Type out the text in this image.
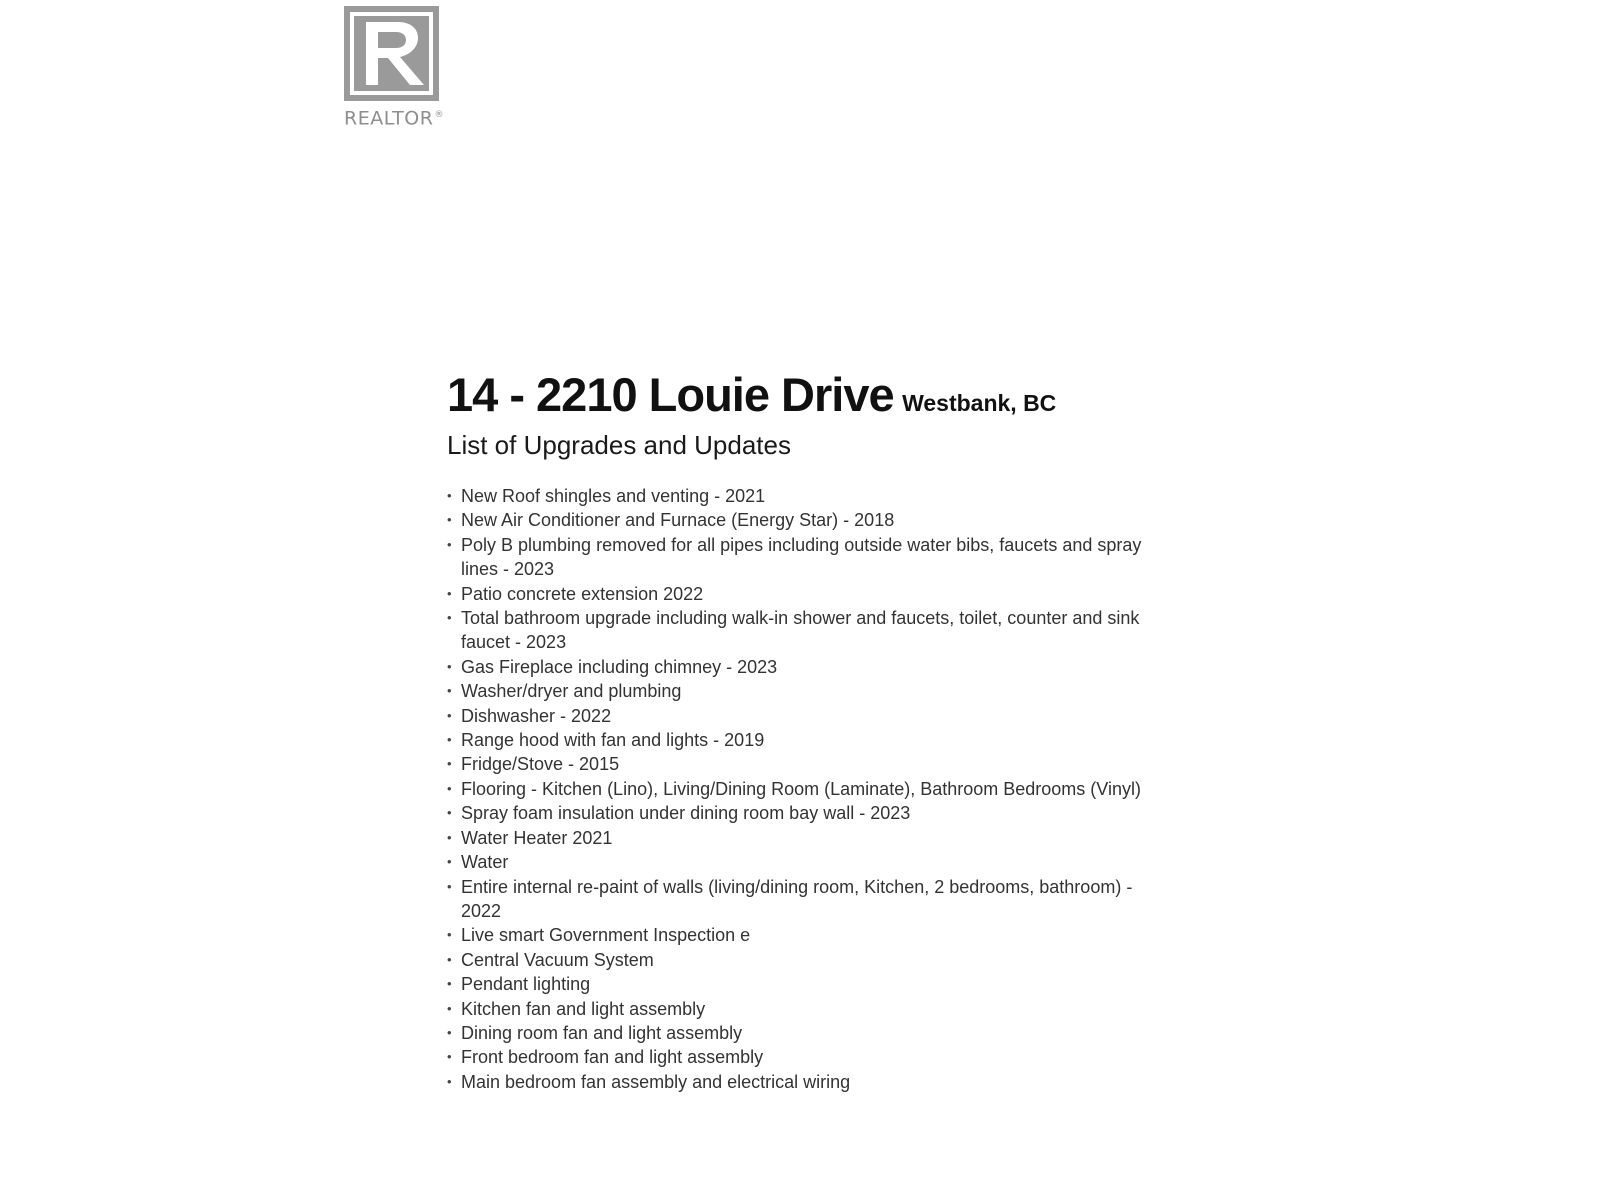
REALTOR®
14 - 2210 Louie Drive Westbank, BC
List of Upgrades and Updates
• New Roof shingles and venting - 2021
• New Air Conditioner and Furnace (Energy Star) - 2018
• Poly B plumbing removed for all pipes including outside water bibs, faucets and spray lines - 2023
• Patio concrete extension 2022
• Total bathroom upgrade including walk-in shower and faucets, toilet, counter and sink faucet - 2023
• Gas Fireplace including chimney - 2023
• Washer/dryer and plumbing
• Dishwasher - 2022
• Range hood with fan and lights - 2019
• Fridge/Stove - 2015
• Flooring - Kitchen (Lino), Living/Dining Room (Laminate), Bathroom Bedrooms (Vinyl)
• Spray foam insulation under dining room bay wall - 2023
• Water Heater 2021
• Water
• Entire internal re-paint of walls (living/dining room, Kitchen, 2 bedrooms, bathroom) - 2022
• Live smart Government Inspection e
• Central Vacuum System
• Pendant lighting
• Kitchen fan and light assembly
• Dining room fan and light assembly
• Front bedroom fan and light assembly
• Main bedroom fan assembly and electrical wiring
